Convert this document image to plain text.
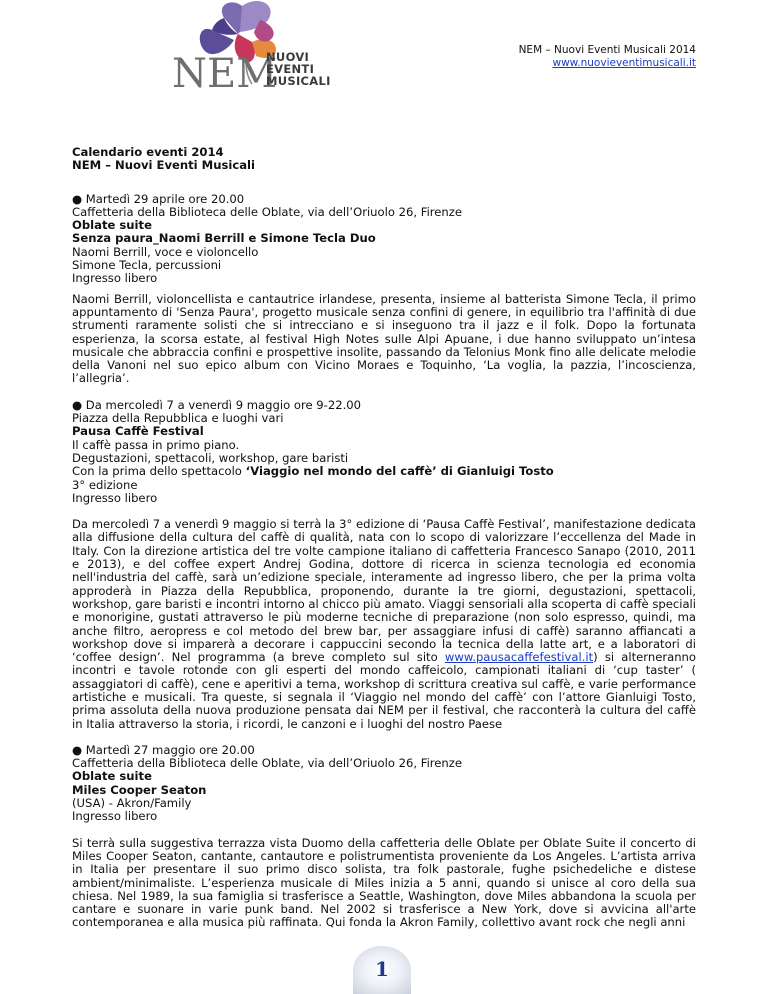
NEM
NUOVI
EVENTI
MUSICALI
NEM – Nuovi Eventi Musicali 2014
www.nuovieventimusicali.it
Calendario eventi 2014
NEM – Nuovi Eventi Musicali
● Martedì 29 aprile ore 20.00
Caffetteria della Biblioteca delle Oblate, via dell’Oriuolo 26, Firenze
Oblate suite
Senza paura_Naomi Berrill e Simone Tecla Duo
Naomi Berrill, voce e violoncello
Simone Tecla, percussioni
Ingresso libero

Naomi Berrill, violoncellista e cantautrice irlandese, presenta, insieme al batterista Simone Tecla, il primo appuntamento di 'Senza Paura', progetto musicale senza confini di genere, in equilibrio tra l'affinità di due strumenti raramente solisti che si intrecciano e si inseguono tra il jazz e il folk. Dopo la fortunata esperienza, la scorsa estate, al festival High Notes sulle Alpi Apuane, i due hanno sviluppato un’intesa musicale che abbraccia confini e prospettive insolite, passando da Telonius Monk fino alle delicate melodie della Vanoni nel suo epico album con Vicino Moraes e Toquinho, ‘La voglia, la pazzia, l’incoscienza, l’allegria’.

● Da mercoledì 7 a venerdì 9 maggio ore 9-22.00
Piazza della Repubblica e luoghi vari
Pausa Caffè Festival
Il caffè passa in primo piano.
Degustazioni, spettacoli, workshop, gare baristi
Con la prima dello spettacolo ‘Viaggio nel mondo del caffè’ di Gianluigi Tosto
3° edizione
Ingresso libero

Da mercoledì 7 a venerdì 9 maggio si terrà la 3° edizione di ‘Pausa Caffè Festival’, manifestazione dedicata alla diffusione della cultura del caffè di qualità, nata con lo scopo di valorizzare l’eccellenza del Made in Italy. Con la direzione artistica del tre volte campione italiano di caffetteria Francesco Sanapo (2010, 2011 e 2013), e del coffee expert Andrej Godina, dottore di ricerca in scienza tecnologia ed economia nell'industria del caffè, sarà un’edizione speciale, interamente ad ingresso libero, che per la prima volta approderà in Piazza della Repubblica, proponendo, durante la tre giorni, degustazioni, spettacoli, workshop, gare baristi e incontri intorno al chicco più amato. Viaggi sensoriali alla scoperta di caffè speciali e monorigine, gustati attraverso le più moderne tecniche di preparazione (non solo espresso, quindi, ma anche filtro, aeropress e col metodo del brew bar, per assaggiare infusi di caffè) saranno affiancati a workshop dove si imparerà a decorare i cappuccini secondo la tecnica della latte art, e a laboratori di ‘coffee design’. Nel programma (a breve completo sul sito www.pausacaffefestival.it) si alterneranno incontri e tavole rotonde con gli esperti del mondo caffeicolo, campionati italiani di ‘cup taster’ ( assaggiatori di caffè), cene e aperitivi a tema, workshop di scrittura creativa sul caffè, e varie performance artistiche e musicali. Tra queste, si segnala il ‘Viaggio nel mondo del caffè’ con l’attore Gianluigi Tosto, prima assoluta della nuova produzione pensata dai NEM per il festival, che racconterà la cultura del caffè in Italia attraverso la storia, i ricordi, le canzoni e i luoghi del nostro Paese

● Martedì 27 maggio ore 20.00
Caffetteria della Biblioteca delle Oblate, via dell’Oriuolo 26, Firenze
Oblate suite
Miles Cooper Seaton
(USA) - Akron/Family
Ingresso libero

Si terrà sulla suggestiva terrazza vista Duomo della caffetteria delle Oblate per Oblate Suite il concerto di Miles Cooper Seaton, cantante, cantautore e polistrumentista proveniente da Los Angeles. L’artista arriva in Italia per presentare il suo primo disco solista, tra folk pastorale, fughe psichedeliche e distese ambient/minimaliste. L’esperienza musicale di Miles inizia a 5 anni, quando si unisce al coro della sua chiesa. Nel 1989, la sua famiglia si trasferisce a Seattle, Washington, dove Miles abbandona la scuola per cantare e suonare in varie punk band. Nel 2002 si trasferisce a New York, dove si avvicina all'arte contemporanea e alla musica più raffinata. Qui fonda la Akron Family, collettivo avant rock che negli anni

1
